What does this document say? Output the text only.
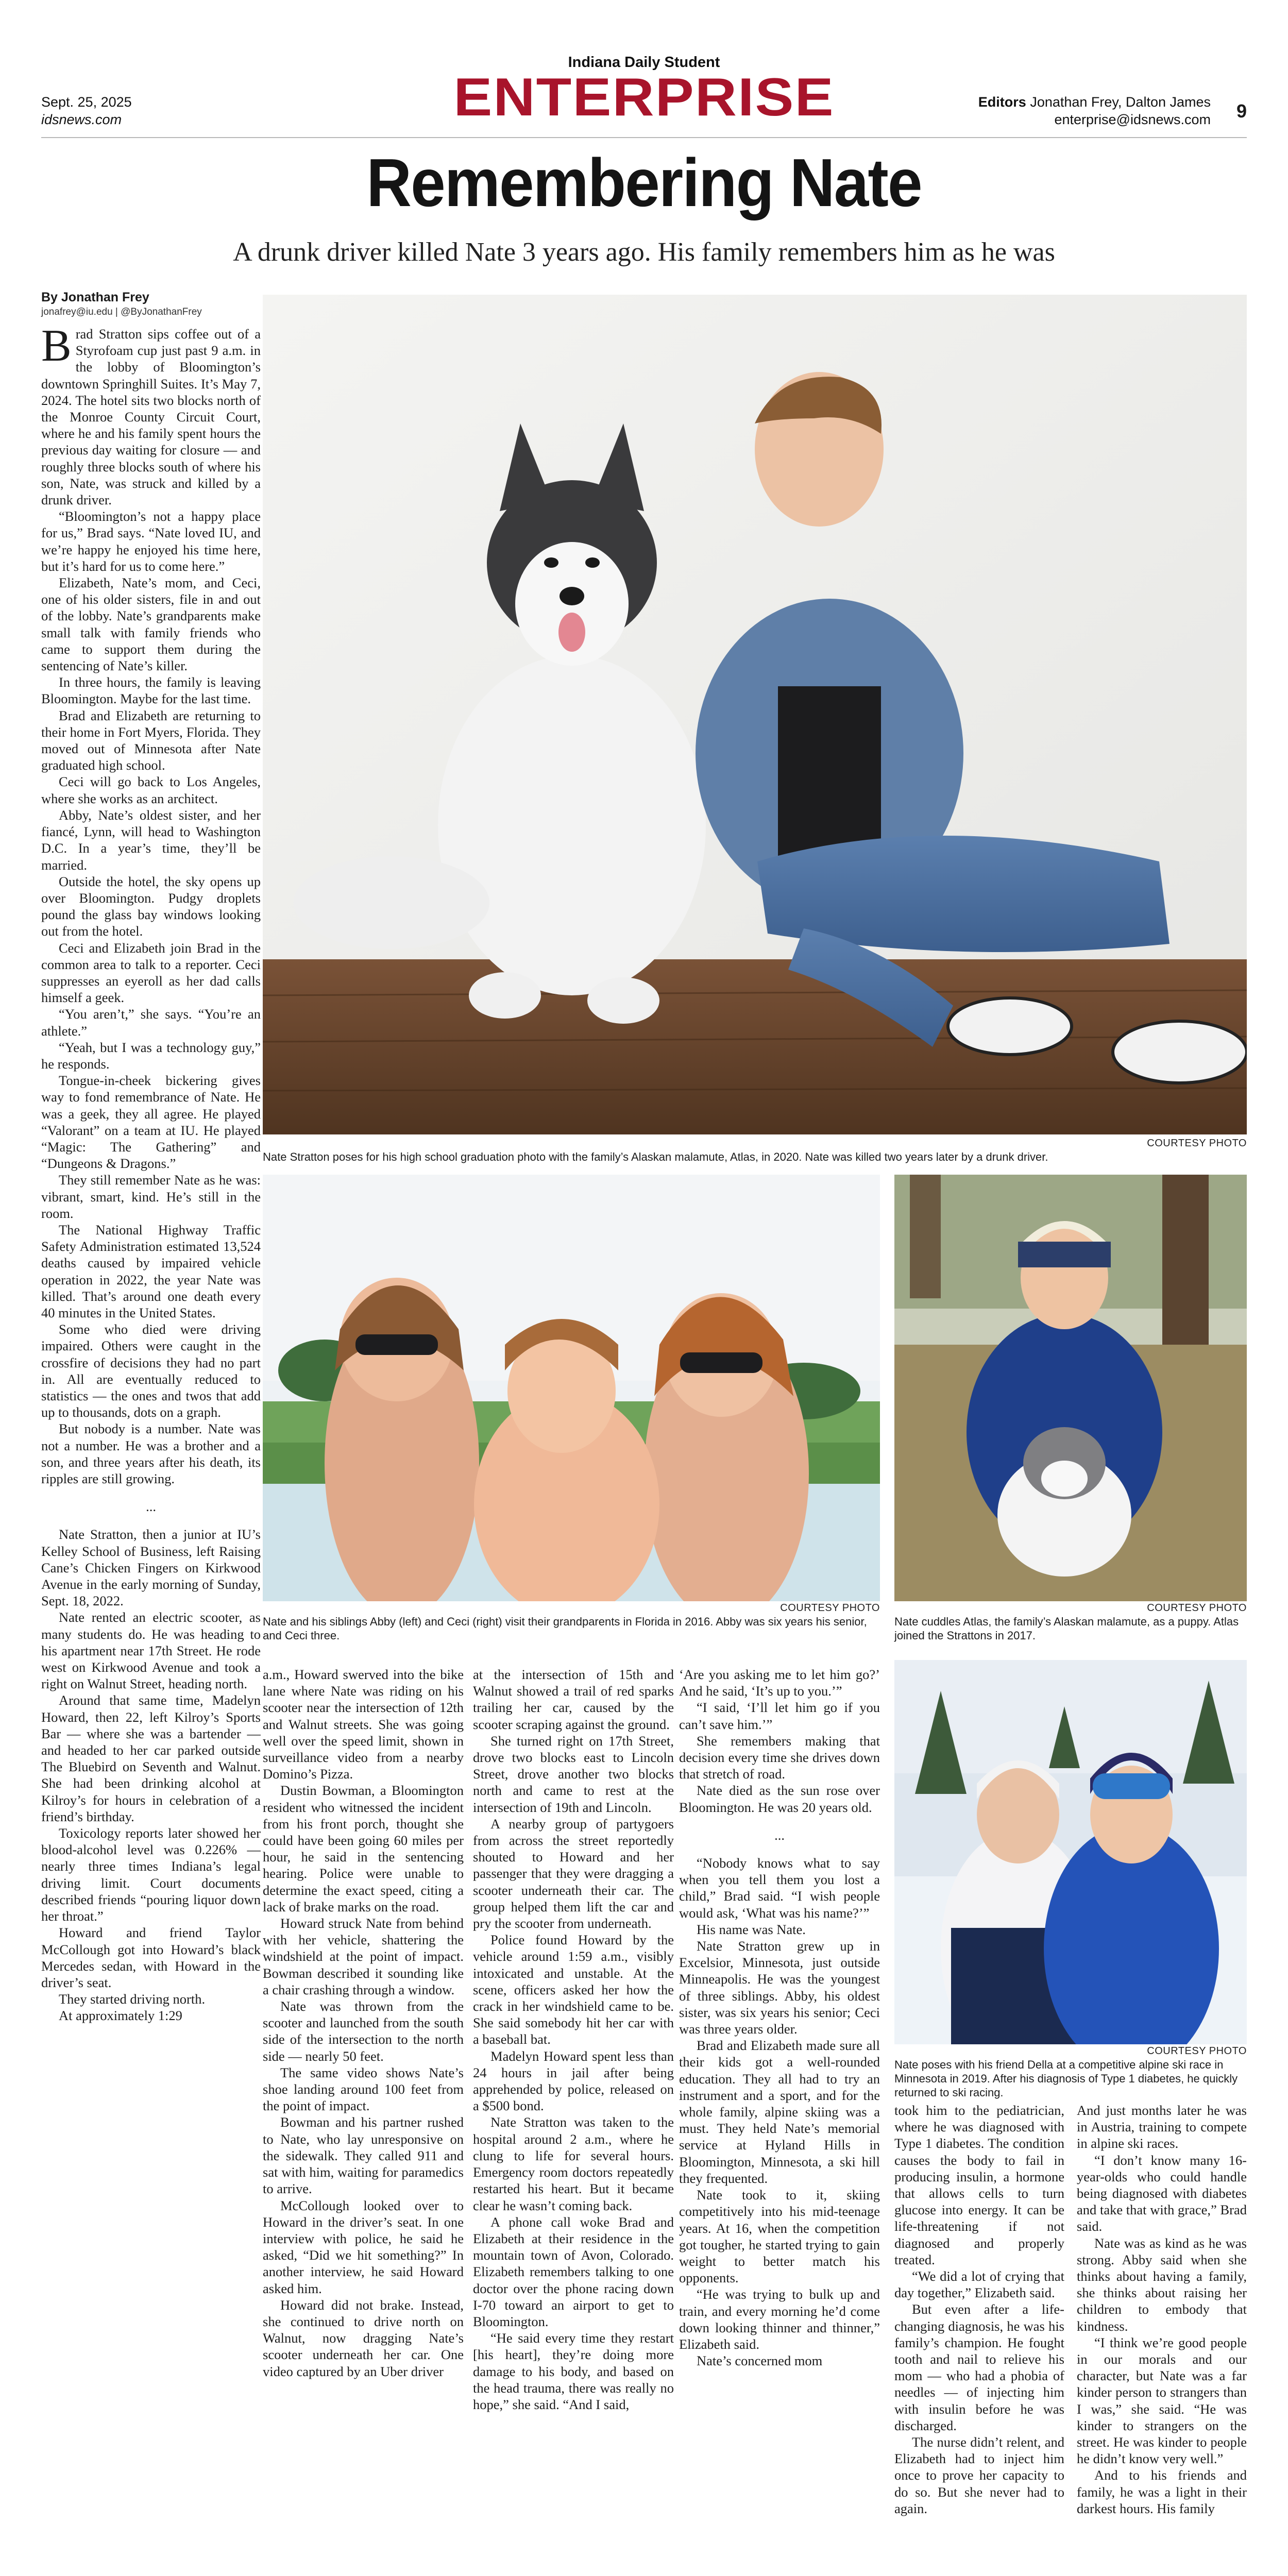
Indiana Daily Student
ENTERPRISE
Sept. 25, 2025
idsnews.com
Editors Jonathan Frey, Dalton James
enterprise@idsnews.com 9
Remembering Nate
A drunk driver killed Nate 3 years ago. His family remembers him as he was
By Jonathan Frey
jonafrey@iu.edu | @ByJonathanFrey

Brad Stratton sips coffee out of a Styrofoam cup just past 9 a.m. in the lobby of Bloomington’s downtown Springhill Suites. It’s May 7, 2024. The hotel sits two blocks north of the Monroe County Circuit Court, where he and his family spent hours the previous day waiting for closure — and roughly three blocks south of where his son, Nate, was struck and killed by a drunk driver.

“Bloomington’s not a happy place for us,” Brad says. “Nate loved IU, and we’re happy he enjoyed his time here, but it’s hard for us to come here.”

Elizabeth, Nate’s mom, and Ceci, one of his older sisters, file in and out of the lobby. Nate’s grandparents make small talk with family friends who came to support them during the sentencing of Nate’s killer.

In three hours, the family is leaving Bloomington. Maybe for the last time.

Brad and Elizabeth are returning to their home in Fort Myers, Florida. They moved out of Minnesota after Nate graduated high school.

Ceci will go back to Los Angeles, where she works as an architect.

Abby, Nate’s oldest sister, and her fiancé, Lynn, will head to Washington D.C. In a year’s time, they’ll be married.

Outside the hotel, the sky opens up over Bloomington. Pudgy droplets pound the glass bay windows looking out from the hotel.

Ceci and Elizabeth join Brad in the common area to talk to a reporter. Ceci suppresses an eyeroll as her dad calls himself a geek.

“You aren’t,” she says. “You’re an athlete.”

“Yeah, but I was a technology guy,” he responds.

Tongue-in-cheek bickering gives way to fond remembrance of Nate. He was a geek, they all agree. He played “Valorant” on a team at IU. He played “Magic: The Gathering” and “Dungeons & Dragons.”

They still remember Nate as he was: vibrant, smart, kind. He’s still in the room.

The National Highway Traffic Safety Administration estimated 13,524 deaths caused by impaired vehicle operation in 2022, the year Nate was killed. That’s around one death every 40 minutes in the United States.

Some who died were driving impaired. Others were caught in the crossfire of decisions they had no part in. All are eventually reduced to statistics — the ones and twos that add up to thousands, dots on a graph.

But nobody is a number. Nate was not a number. He was a brother and a son, and three years after his death, its ripples are still growing.

...

Nate Stratton, then a junior at IU’s Kelley School of Business, left Raising Cane’s Chicken Fingers on Kirkwood Avenue in the early morning of Sunday, Sept. 18, 2022.

Nate rented an electric scooter, as many students do. He was heading to his apartment near 17th Street. He rode west on Kirkwood Avenue and took a right on Walnut Street, heading north.

Around that same time, Madelyn Howard, then 22, left Kilroy’s Sports Bar — where she was a bartender — and headed to her car parked outside The Bluebird on Seventh and Walnut. She had been drinking alcohol at Kilroy’s for hours in celebration of a friend’s birthday.

Toxicology reports later showed her blood-alcohol level was 0.226% — nearly three times Indiana’s legal driving limit. Court documents described friends “pouring liquor down her throat.”

Howard and friend Taylor McCollough got into Howard’s black Mercedes sedan, with Howard in the driver’s seat.

They started driving north.

At approximately 1:29

COURTESY PHOTO
Nate Stratton poses for his high school graduation photo with the family’s Alaskan malamute, Atlas, in 2020. Nate was killed two years later by a drunk driver.
COURTESY PHOTO
Nate and his siblings Abby (left) and Ceci (right) visit their grandparents in Florida in 2016. Abby was six years his senior, and Ceci three.
COURTESY PHOTO
Nate cuddles Atlas, the family’s Alaskan malamute, as a puppy. Atlas joined the Strattons in 2017.
COURTESY PHOTO
Nate poses with his friend Della at a competitive alpine ski race in Minnesota in 2019. After his diagnosis of Type 1 diabetes, he quickly returned to ski racing.

a.m., Howard swerved into the bike lane where Nate was riding on his scooter near the intersection of 12th and Walnut streets. She was going well over the speed limit, shown in surveillance video from a nearby Domino’s Pizza.

Dustin Bowman, a Bloomington resident who witnessed the incident from his front porch, thought she could have been going 60 miles per hour, he said in the sentencing hearing. Police were unable to determine the exact speed, citing a lack of brake marks on the road.

Howard struck Nate from behind with her vehicle, shattering the windshield at the point of impact. Bowman described it sounding like a chair crashing through a window.

Nate was thrown from the scooter and launched from the south side of the intersection to the north side — nearly 50 feet.

The same video shows Nate’s shoe landing around 100 feet from the point of impact.

Bowman and his partner rushed to Nate, who lay unresponsive on the sidewalk. They called 911 and sat with him, waiting for paramedics to arrive.

McCollough looked over to Howard in the driver’s seat. In one interview with police, he said he asked, “Did we hit something?” In another interview, he said Howard asked him.

Howard did not brake. Instead, she continued to drive north on Walnut, now dragging Nate’s scooter underneath her car. One video captured by an Uber driver

at the intersection of 15th and Walnut showed a trail of red sparks trailing her car, caused by the scooter scraping against the ground.

She turned right on 17th Street, drove two blocks east to Lincoln Street, drove another two blocks north and came to rest at the intersection of 19th and Lincoln.

A nearby group of partygoers from across the street reportedly shouted to Howard and her passenger that they were dragging a scooter underneath their car. The group helped them lift the car and pry the scooter from underneath.

Police found Howard by the vehicle around 1:59 a.m., visibly intoxicated and unstable. At the scene, officers asked her how the crack in her windshield came to be. She said somebody hit her car with a baseball bat.

Madelyn Howard spent less than 24 hours in jail after being apprehended by police, released on a $500 bond.

Nate Stratton was taken to the hospital around 2 a.m., where he clung to life for several hours. Emergency room doctors repeatedly restarted his heart. But it became clear he wasn’t coming back.

A phone call woke Brad and Elizabeth at their residence in the mountain town of Avon, Colorado. Elizabeth remembers talking to one doctor over the phone racing down I-70 toward an airport to get to Bloomington.

“He said every time they restart [his heart], they’re doing more damage to his body, and based on the head trauma, there was really no hope,” she said. “And I said,

‘Are you asking me to let him go?’ And he said, ‘It’s up to you.’”

“I said, ‘I’ll let him go if you can’t save him.’”

She remembers making that decision every time she drives down that stretch of road.

Nate died as the sun rose over Bloomington. He was 20 years old.

...

“Nobody knows what to say when you tell them you lost a child,” Brad said. “I wish people would ask, ‘What was his name?’”

His name was Nate.

Nate Stratton grew up in Excelsior, Minnesota, just outside Minneapolis. He was the youngest of three siblings. Abby, his oldest sister, was six years his senior; Ceci was three years older.

Brad and Elizabeth made sure all their kids got a well-rounded education. They all had to try an instrument and a sport, and for the whole family, alpine skiing was a must. They held Nate’s memorial service at Hyland Hills in Bloomington, Minnesota, a ski hill they frequented.

Nate took to it, skiing competitively into his mid-teenage years. At 16, when the competition got tougher, he started trying to gain weight to better match his opponents.

“He was trying to bulk up and train, and every morning he’d come down looking thinner and thinner,” Elizabeth said.

Nate’s concerned mom

took him to the pediatrician, where he was diagnosed with Type 1 diabetes. The condition causes the body to fail in producing insulin, a hormone that allows cells to turn glucose into energy. It can be life-threatening if not diagnosed and properly treated.

“We did a lot of crying that day together,” Elizabeth said.

But even after a life-changing diagnosis, he was his family’s champion. He fought tooth and nail to relieve his mom — who had a phobia of needles — of injecting him with insulin before he was discharged.

The nurse didn’t relent, and Elizabeth had to inject him once to prove her capacity to do so. But she never had to again.

And just months later he was in Austria, training to compete in alpine ski races.

“I don’t know many 16-year-olds who could handle being diagnosed with diabetes and take that with grace,” Brad said.

Nate was as kind as he was strong. Abby said when she thinks about having a family, she thinks about raising her children to embody that kindness.

“I think we’re good people in our morals and our character, but Nate was a far kinder person to strangers than I was,” she said. “He was kinder to strangers on the street. He was kinder to people he didn’t know very well.”

And to his friends and family, he was a light in their darkest hours. His family
